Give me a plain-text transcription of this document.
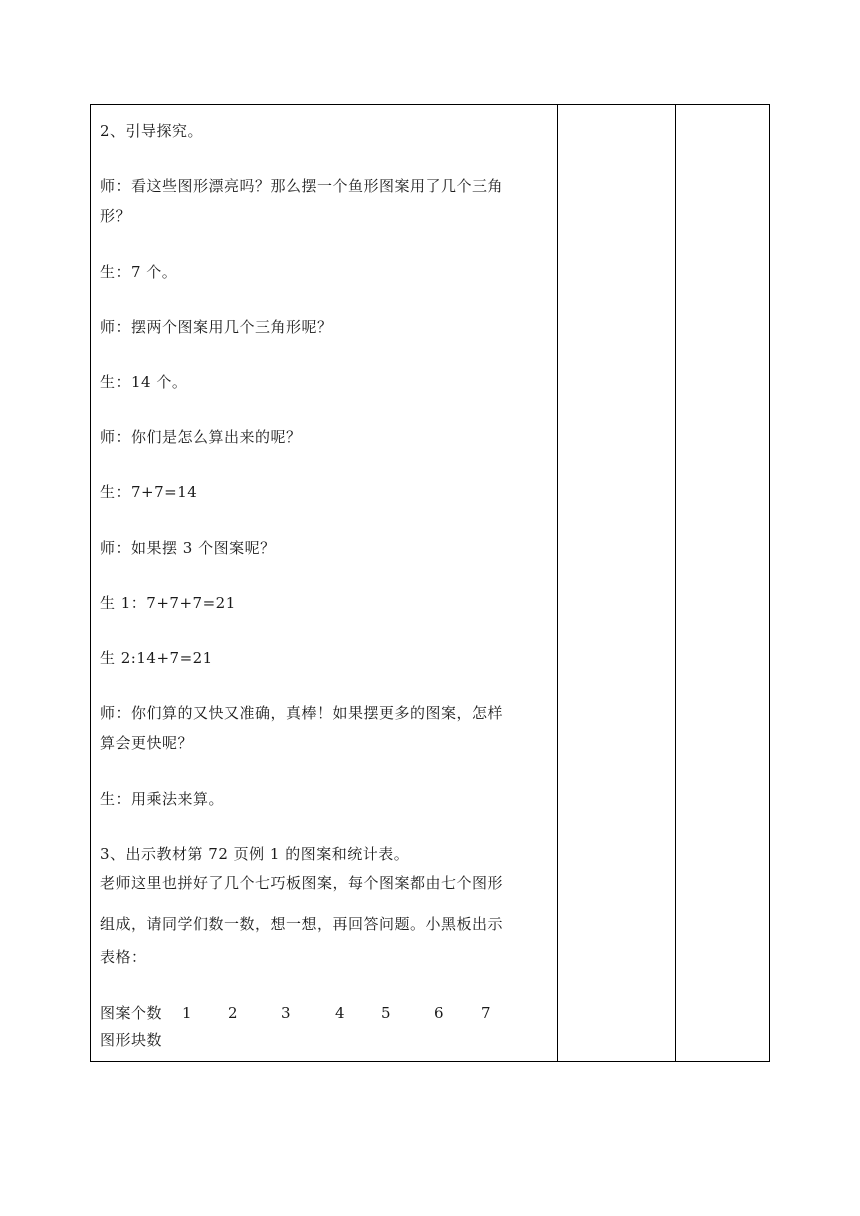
2、引导探究。
师：看这些图形漂亮吗？那么摆一个鱼形图案用了几个三角
形？
生：7 个。
师：摆两个图案用几个三角形呢？
生：14 个。
师：你们是怎么算出来的呢？
生：7+7=14
师：如果摆 3 个图案呢？
生 1：7+7+7=21
生 2:14+7=21
师：你们算的又快又准确，真棒！如果摆更多的图案，怎样
算会更快呢？
生：用乘法来算。
3、出示教材第 72 页例 1 的图案和统计表。
老师这里也拼好了几个七巧板图案，每个图案都由七个图形
组成，请同学们数一数，想一想，再回答问题。小黑板出示
表格：
图案个数 1 2	3	4 5	6 7
图形块数
